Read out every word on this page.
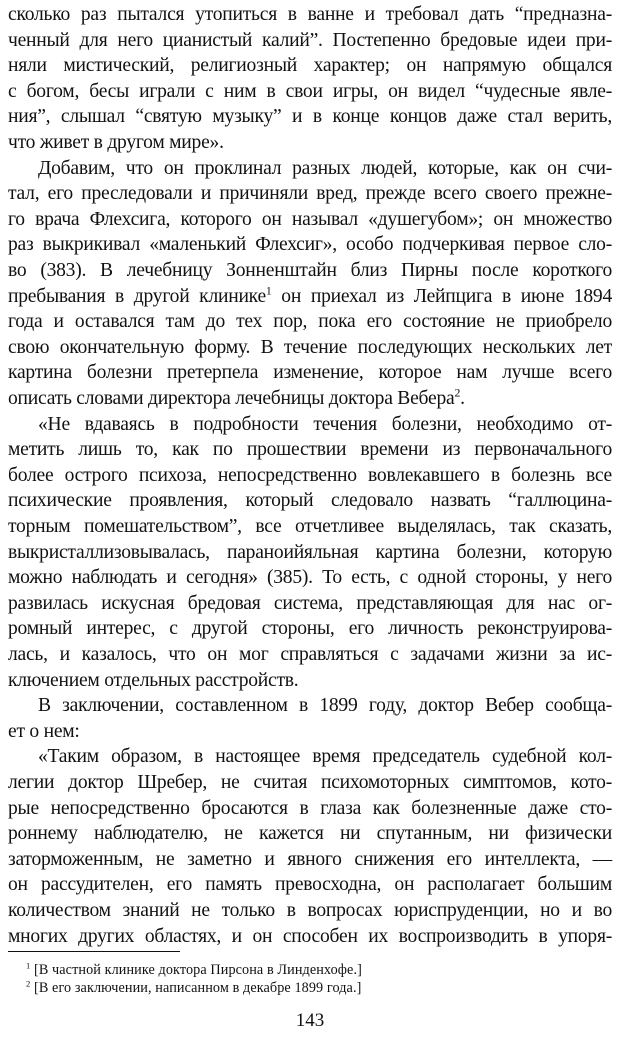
сколько раз пытался утопиться в ванне и требовал дать “предназна-
ченный для него цианистый калий”. Постепенно бредовые идеи при-
няли мистический, религиозный характер; он напрямую общался
с богом, бесы играли с ним в свои игры, он видел “чудесные явле-
ния”, слышал “святую музыку” и в конце концов даже стал верить,
что живет в другом мире».
Добавим, что он проклинал разных людей, которые, как он счи-
тал, его преследовали и причиняли вред, прежде всего своего прежне-
го врача Флехсига, которого он называл «душегубом»; он множество
раз выкрикивал «маленький Флехсиг», особо подчеркивая первое сло-
во (383). В лечебницу Зонненштайн близ Пирны после короткого
пребывания в другой клинике$^1$ он приехал из Лейпцига в июне 1894
года и оставался там до тех пор, пока его состояние не приобрело
свою окончательную форму. В течение последующих нескольких лет
картина болезни претерпела изменение, которое нам лучше всего
описать словами директора лечебницы доктора Вебера$^2$.
«Не вдаваясь в подробности течения болезни, необходимо от-
метить лишь то, как по прошествии времени из первоначального
более острого психоза, непосредственно вовлекавшего в болезнь все
психические проявления, который следовало назвать “галлюцина-
торным помешательством”, все отчетливее выделялась, так сказать,
выкристаллизовывалась, параноийяльная картина болезни, которую
можно наблюдать и сегодня» (385). То есть, с одной стороны, у него
развилась искусная бредовая система, представляющая для нас ог-
ромный интерес, с другой стороны, его личность реконструирова-
лась, и казалось, что он мог справляться с задачами жизни за ис-
ключением отдельных расстройств.
В заключении, составленном в 1899 году, доктор Вебер сообща-
ет о нем:
«Таким образом, в настоящее время председатель судебной кол-
легии доктор Шребер, не считая психомоторных симптомов, кото-
рые непосредственно бросаются в глаза как болезненные даже сто-
роннему наблюдателю, не кажется ни спутанным, ни физически
заторможенным, не заметно и явного снижения его интеллекта, —
он рассудителен, его память превосходна, он располагает большим
количеством знаний не только в вопросах юриспруденции, но и во
многих других областях, и он способен их воспроизводить в упоря-
$^1$ [В частной клинике доктора Пирсона в Линденхофе.]
$^2$ [В его заключении, написанном в декабре 1899 года.]
143
